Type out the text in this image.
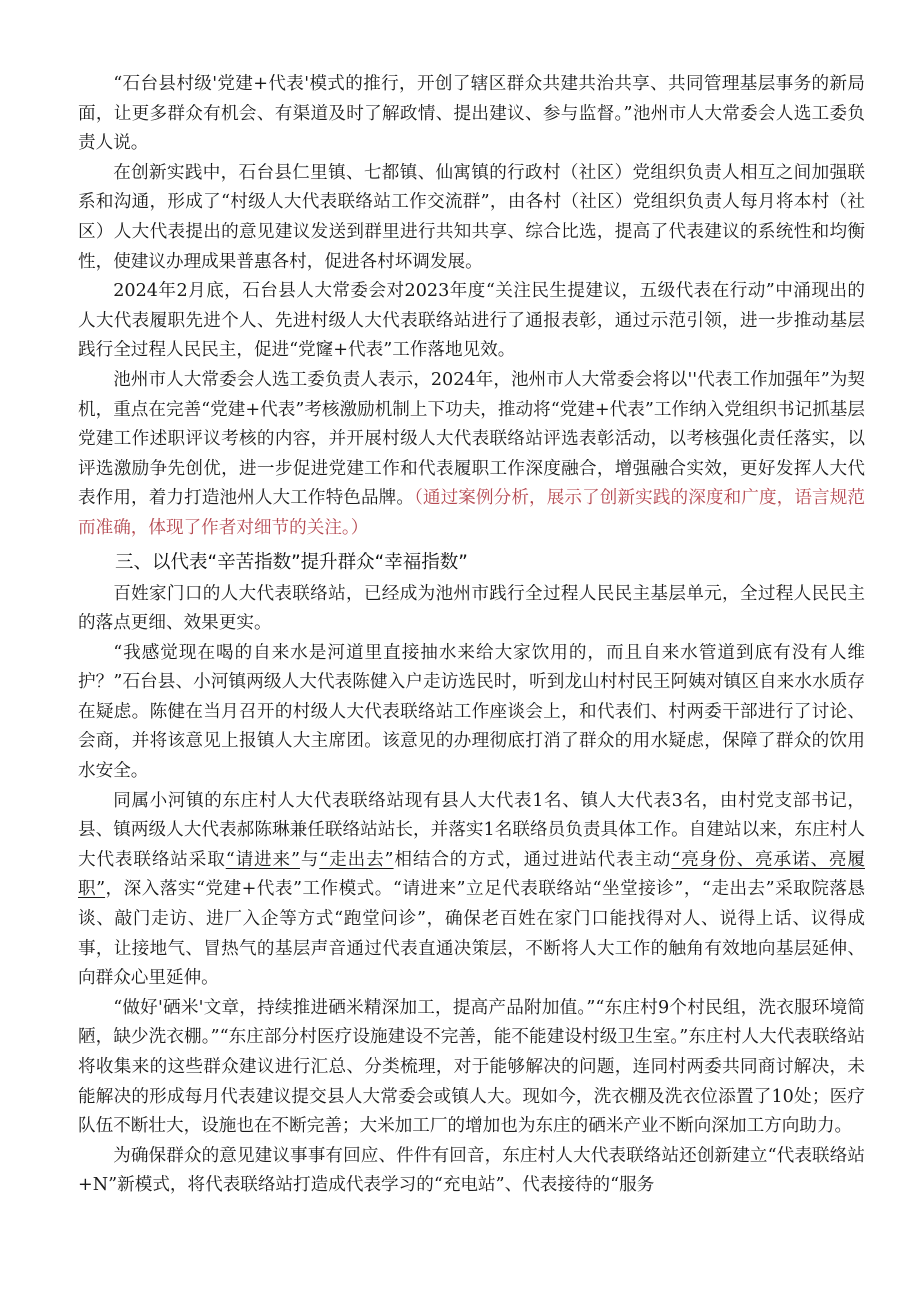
“石台县村级'党建+代表'模式的推行，开创了辖区群众共建共治共享、共同管理基层事务的新局面，让更多群众有机会、有渠道及时了解政情、提出建议、参与监督。”池州市人大常委会人选工委负责人说。

在创新实践中，石台县仁里镇、七都镇、仙寓镇的行政村（社区）党组织负责人相互之间加强联系和沟通，形成了“村级人大代表联络站工作交流群”，由各村（社区）党组织负责人每月将本村（社区）人大代表提出的意见建议发送到群里进行共知共享、综合比选，提高了代表建议的系统性和均衡性，使建议办理成果普惠各村，促进各村坏调发展。

2024年2月底，石台县人大常委会对2023年度“关注民生提建议，五级代表在行动”中涌现出的人大代表履职先进个人、先进村级人大代表联络站进行了通报表彰，通过示范引领，进一步推动基层践行全过程人民民主，促进“党窿+代表”工作落地见效。

池州市人大常委会人选工委负责人表示，2024年，池州市人大常委会将以''代表工作加强年”为契机，重点在完善“党建+代表”考核激励机制上下功夫，推动将“党建+代表”工作纳入党组织书记抓基层党建工作述职评议考核的内容，并开展村级人大代表联络站评选表彰活动，以考核强化责任落实，以评选激励争先创优，进一步促进党建工作和代表履职工作深度融合，增强融合实效，更好发挥人大代表作用，着力打造池州人大工作特色品牌。（通过案例分析，展示了创新实践的深度和广度，语言规范而准确，体现了作者对细节的关注。）

三、以代表“辛苦指数”提升群众“幸福指数”

百姓家门口的人大代表联络站，已经成为池州市践行全过程人民民主基层单元，全过程人民民主的落点更细、效果更实。

“我感觉现在喝的自来水是河道里直接抽水来给大家饮用的，而且自来水管道到底有没有人维护？”石台县、小河镇两级人大代表陈健入户走访选民时，听到龙山村村民王阿姨对镇区自来水水质存在疑虑。陈健在当月召开的村级人大代表联络站工作座谈会上，和代表们、村两委干部进行了讨论、会商，并将该意见上报镇人大主席团。该意见的办理彻底打消了群众的用水疑虑，保障了群众的饮用水安全。

同属小河镇的东庄村人大代表联络站现有县人大代表1名、镇人大代表3名，由村党支部书记，县、镇两级人大代表郝陈琳兼任联络站站长，并落实1名联络员负责具体工作。自建站以来，东庄村人大代表联络站采取“请进来”与“走出去”相结合的方式，通过进站代表主动“亮身份、亮承诺、亮履职”，深入落实“党建+代表”工作模式。“请进来”立足代表联络站“坐堂接诊”，“走出去”采取院落恳谈、敲门走访、进厂入企等方式“跑堂问诊”，确保老百姓在家门口能找得对人、说得上话、议得成事，让接地气、冒热气的基层声音通过代表直通决策层，不断将人大工作的触角有效地向基层延伸、向群众心里延伸。

“做好'硒米'文章，持续推进硒米精深加工，提高产品附加值。”“东庄村9个村民组，洗衣服环境简陋，缺少洗衣棚。”“东庄部分村医疗设施建设不完善，能不能建设村级卫生室。”东庄村人大代表联络站将收集来的这些群众建议进行汇总、分类梳理，对于能够解决的问题，连同村两委共同商讨解决，未能解决的形成每月代表建议提交县人大常委会或镇人大。现如今，洗衣棚及洗衣位添置了10处；医疗队伍不断壮大，设施也在不断完善；大米加工厂的增加也为东庄的硒米产业不断向深加工方向助力。

为确保群众的意见建议事事有回应、件件有回音，东庄村人大代表联络站还创新建立“代表联络站+N”新模式，将代表联络站打造成代表学习的“充电站”、代表接待的“服务
